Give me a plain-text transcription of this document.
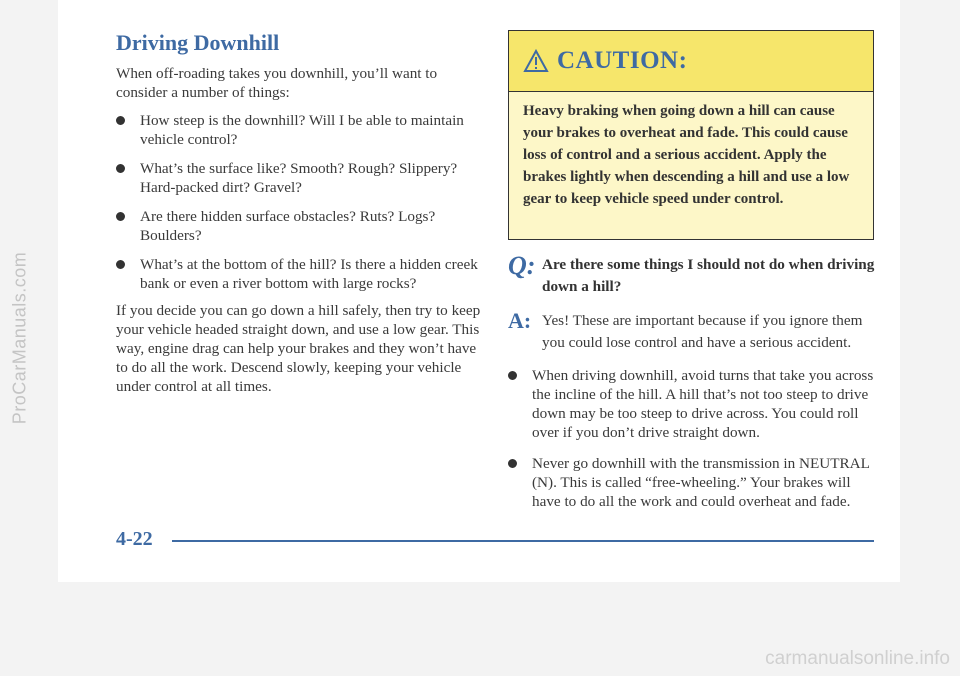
ProCarManuals.com
Driving Downhill

When off-roading takes you downhill, you’ll want to consider a number of things:

How steep is the downhill? Will I be able to maintain vehicle control?
What’s the surface like? Smooth? Rough? Slippery? Hard-packed dirt? Gravel?
Are there hidden surface obstacles? Ruts? Logs? Boulders?
What’s at the bottom of the hill? Is there a hidden creek bank or even a river bottom with large rocks?

If you decide you can go down a hill safely, then try to keep your vehicle headed straight down, and use a low gear. This way, engine drag can help your brakes and they won’t have to do all the work. Descend slowly, keeping your vehicle under control at all times.

CAUTION:
Heavy braking when going down a hill can cause your brakes to overheat and fade. This could cause loss of control and a serious accident. Apply the brakes lightly when descending a hill and use a low gear to keep vehicle speed under control.
Q: Are there some things I should not do when driving down a hill?
A: Yes! These are important because if you ignore them you could lose control and have a serious accident.
When driving downhill, avoid turns that take you across the incline of the hill. A hill that’s not too steep to drive down may be too steep to drive across. You could roll over if you don’t drive straight down.
Never go downhill with the transmission in NEUTRAL (N). This is called “free-wheeling.” Your brakes will have to do all the work and could overheat and fade.
4-22
carmanualsonline.info
